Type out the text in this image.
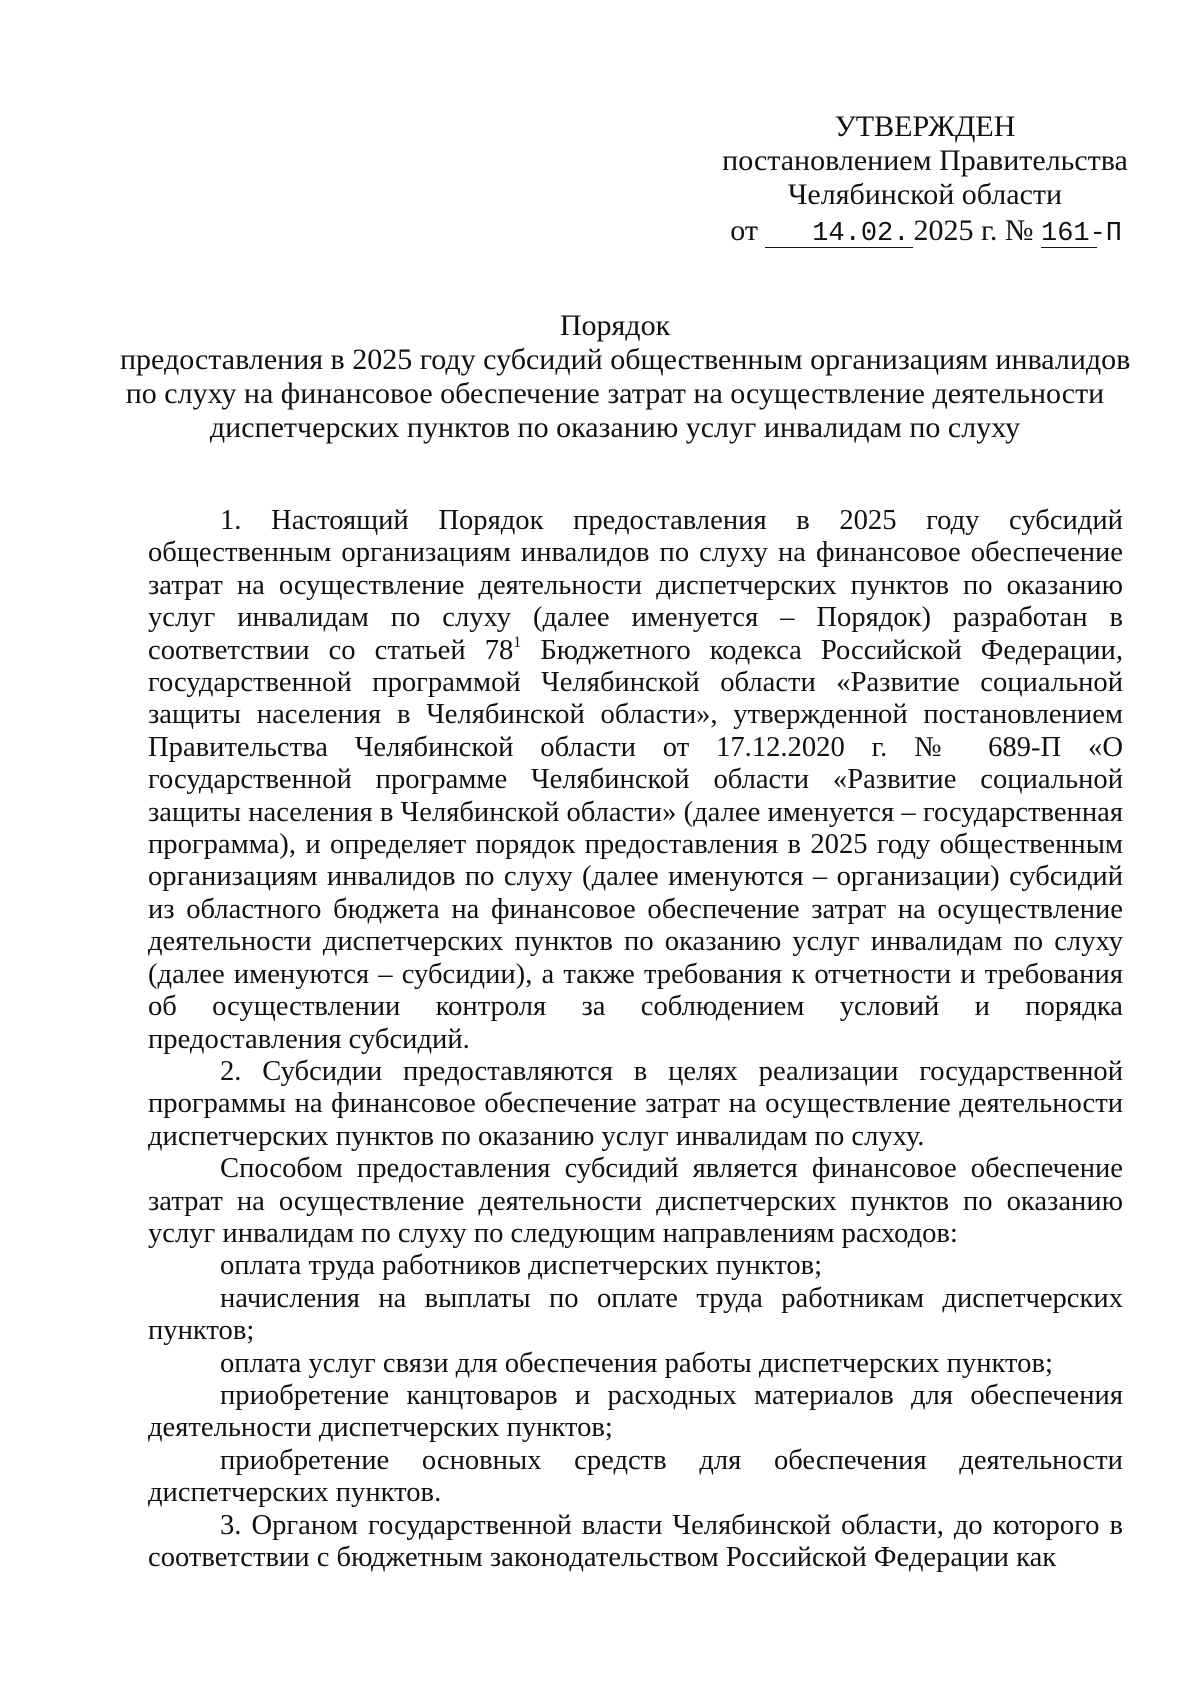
УТВЕРЖДЕН
постановлением Правительства
Челябинской области
от 14.02. 2025 г. № 161-П
Порядок
предоставления в 2025 году субсидий общественным организациям инвалидов
по слуху на финансовое обеспечение затрат на осуществление деятельности
диспетчерских пунктов по оказанию услуг инвалидам по слуху

1. Настоящий Порядок предоставления в 2025 году субсидий общественным организациям инвалидов по слуху на финансовое обеспечение затрат на осуществление деятельности диспетчерских пунктов по оказанию услуг инвалидам по слуху (далее именуется – Порядок) разработан в соответствии со статьей $78^1$ Бюджетного кодекса Российской Федерации, государственной программой Челябинской области «Развитие социальной защиты населения в Челябинской области», утвержденной постановлением Правительства Челябинской области от 17.12.2020 г. № 689-П «О государственной программе Челябинской области «Развитие социальной защиты населения в Челябинской области» (далее именуется – государственная программа), и определяет порядок предоставления в 2025 году общественным организациям инвалидов по слуху (далее именуются – организации) субсидий из областного бюджета на финансовое обеспечение затрат на осуществление деятельности диспетчерских пунктов по оказанию услуг инвалидам по слуху (далее именуются – субсидии), а также требования к отчетности и требования об осуществлении контроля за соблюдением условий и порядка предоставления субсидий.

2. Субсидии предоставляются в целях реализации государственной программы на финансовое обеспечение затрат на осуществление деятельности диспетчерских пунктов по оказанию услуг инвалидам по слуху.

Способом предоставления субсидий является финансовое обеспечение затрат на осуществление деятельности диспетчерских пунктов по оказанию услуг инвалидам по слуху по следующим направлениям расходов:

оплата труда работников диспетчерских пунктов;

начисления на выплаты по оплате труда работникам диспетчерских пунктов;

оплата услуг связи для обеспечения работы диспетчерских пунктов;

приобретение канцтоваров и расходных материалов для обеспечения деятельности диспетчерских пунктов;

приобретение основных средств для обеспечения деятельности диспетчерских пунктов.

3. Органом государственной власти Челябинской области, до которого в соответствии с бюджетным законодательством Российской Федерации как
